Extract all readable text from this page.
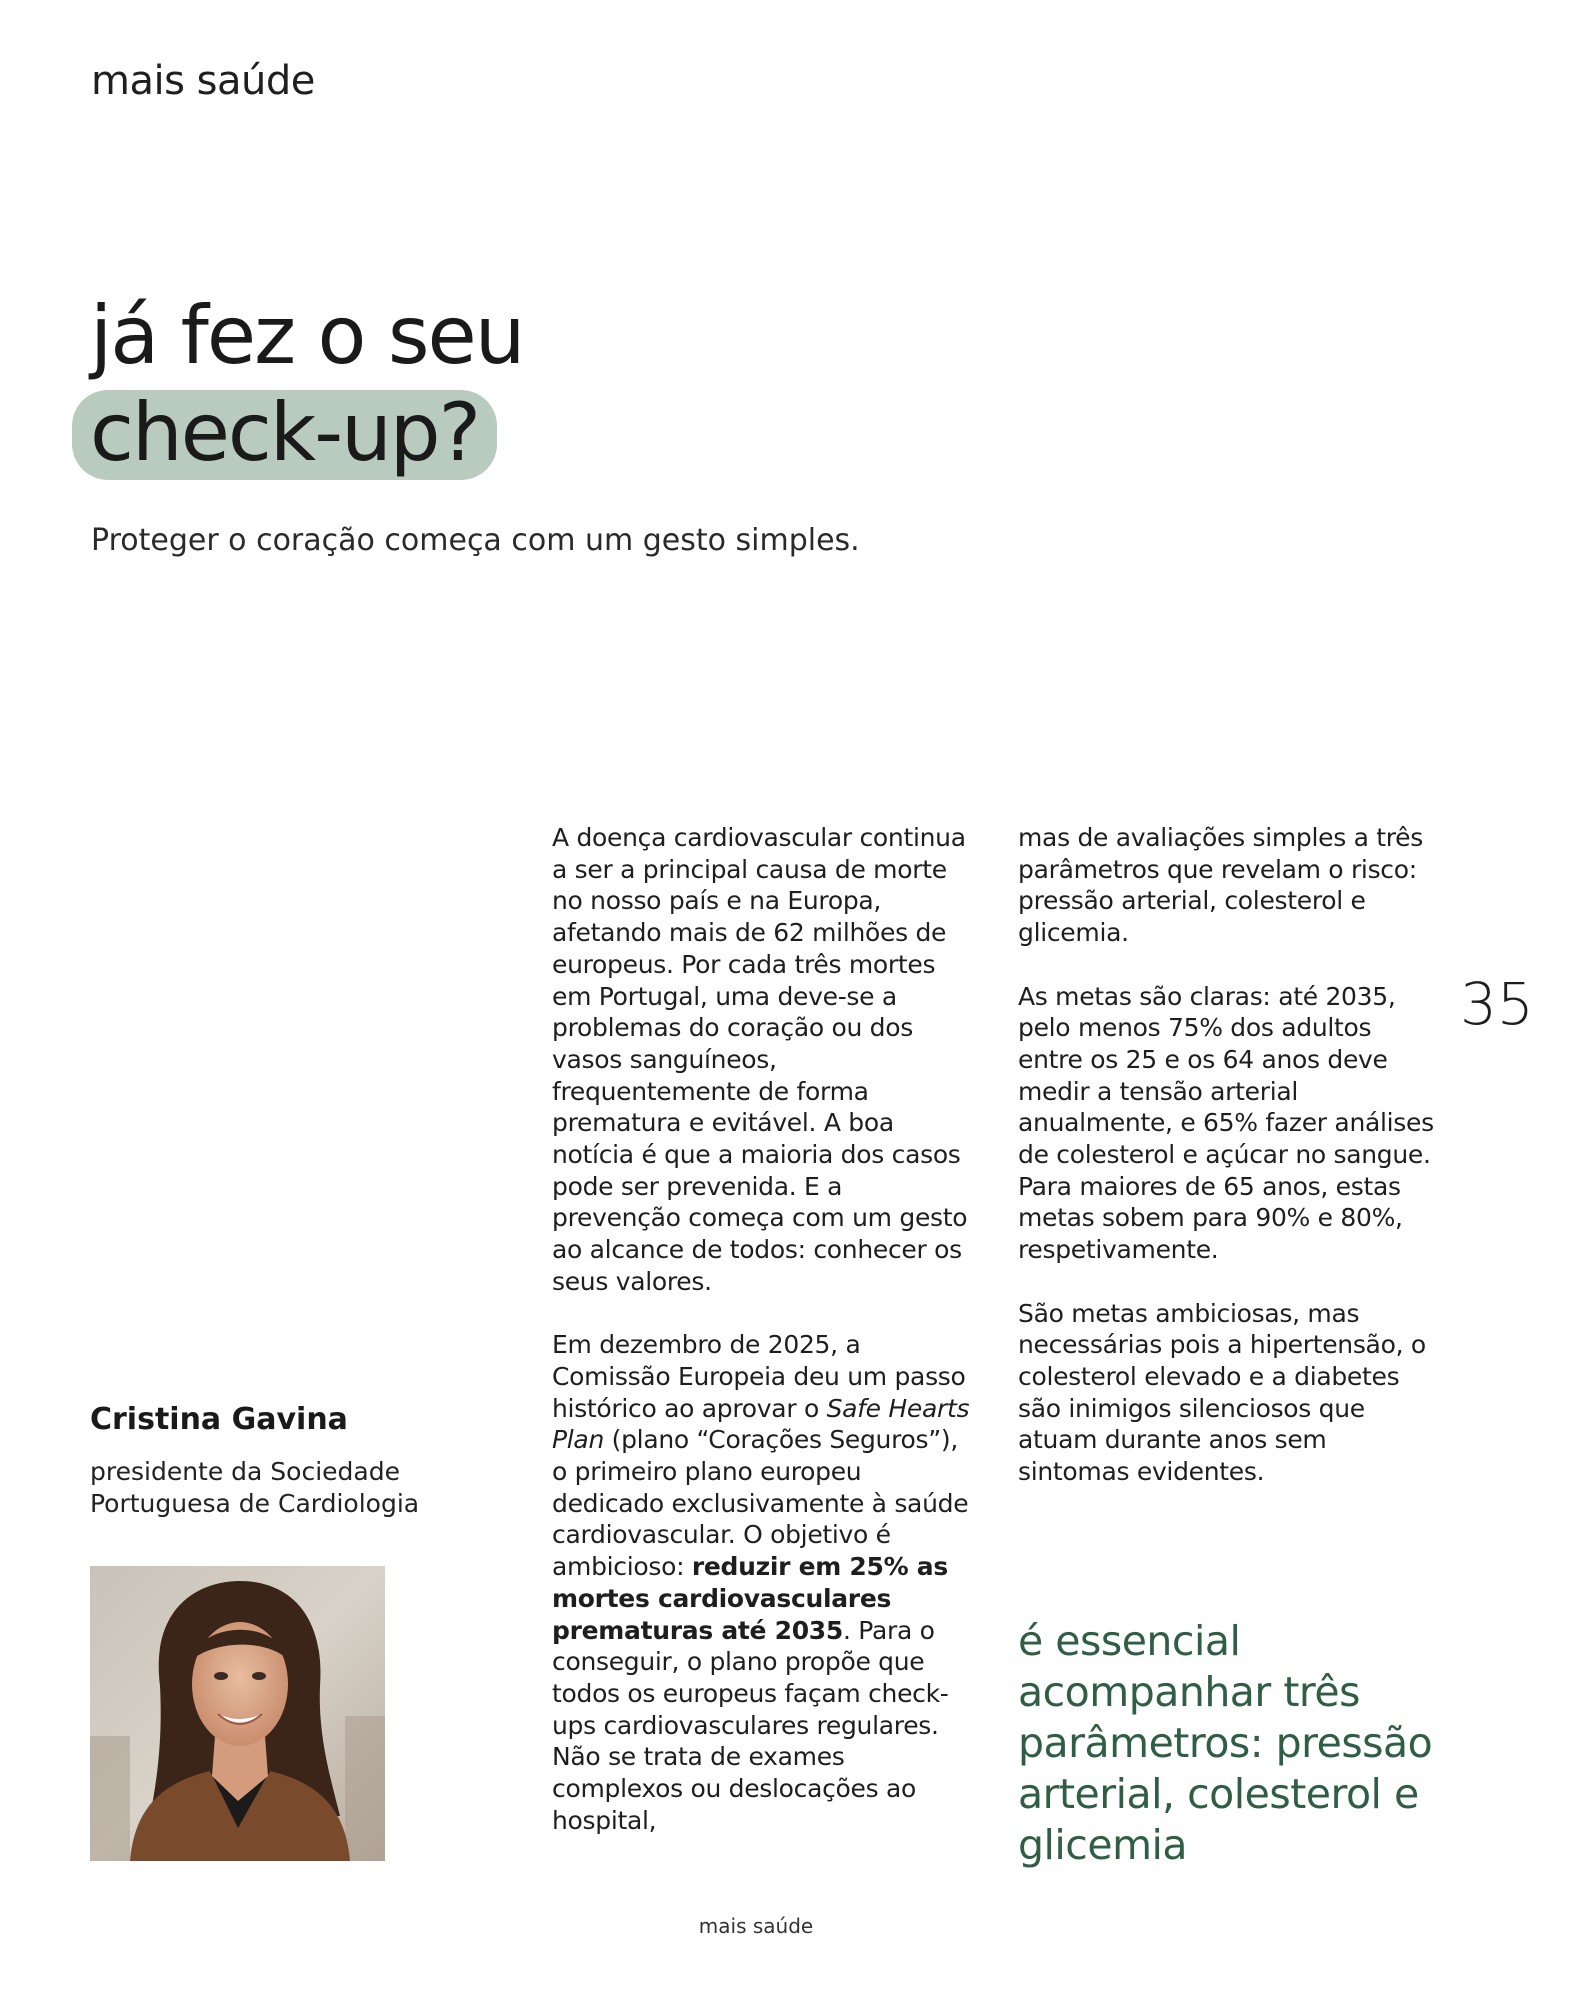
mais saúde
já fez o seu
check-up?
Proteger o coração começa com um gesto simples.

A doença cardiovascular continua a ser a principal causa de morte no nosso país e na Europa, afetando mais de 62 milhões de europeus. Por cada três mortes em Portugal, uma deve-se a problemas do coração ou dos vasos sanguíneos, frequentemente de forma prematura e evitável. A boa notícia é que a maioria dos casos pode ser prevenida. E a prevenção começa com um gesto ao alcance de todos: conhecer os seus valores.

Em dezembro de 2025, a Comissão Europeia deu um passo histórico ao aprovar o Safe Hearts Plan (plano “Corações Seguros”), o primeiro plano europeu dedicado exclusivamente à saúde cardiovascular. O objetivo é ambicioso: reduzir em 25% as mortes cardiovasculares prematuras até 2035. Para o conseguir, o plano propõe que todos os europeus façam check-ups cardiovasculares regulares. Não se trata de exames complexos ou deslocações ao hospital,

mas de avaliações simples a três parâmetros que revelam o risco: pressão arterial, colesterol e glicemia.

As metas são claras: até 2035, pelo menos 75% dos adultos entre os 25 e os 64 anos deve medir a tensão arterial anualmente, e 65% fazer análises de colesterol e açúcar no sangue. Para maiores de 65 anos, estas metas sobem para 90% e 80%, respetivamente.

São metas ambiciosas, mas necessárias pois a hipertensão, o colesterol elevado e a diabetes são inimigos silenciosos que atuam durante anos sem sintomas evidentes.

35
Cristina Gavina
presidente da Sociedade
Portuguesa de Cardiologia
é essencial acompanhar três parâmetros: pressão arterial, colesterol e glicemia
mais saúde
